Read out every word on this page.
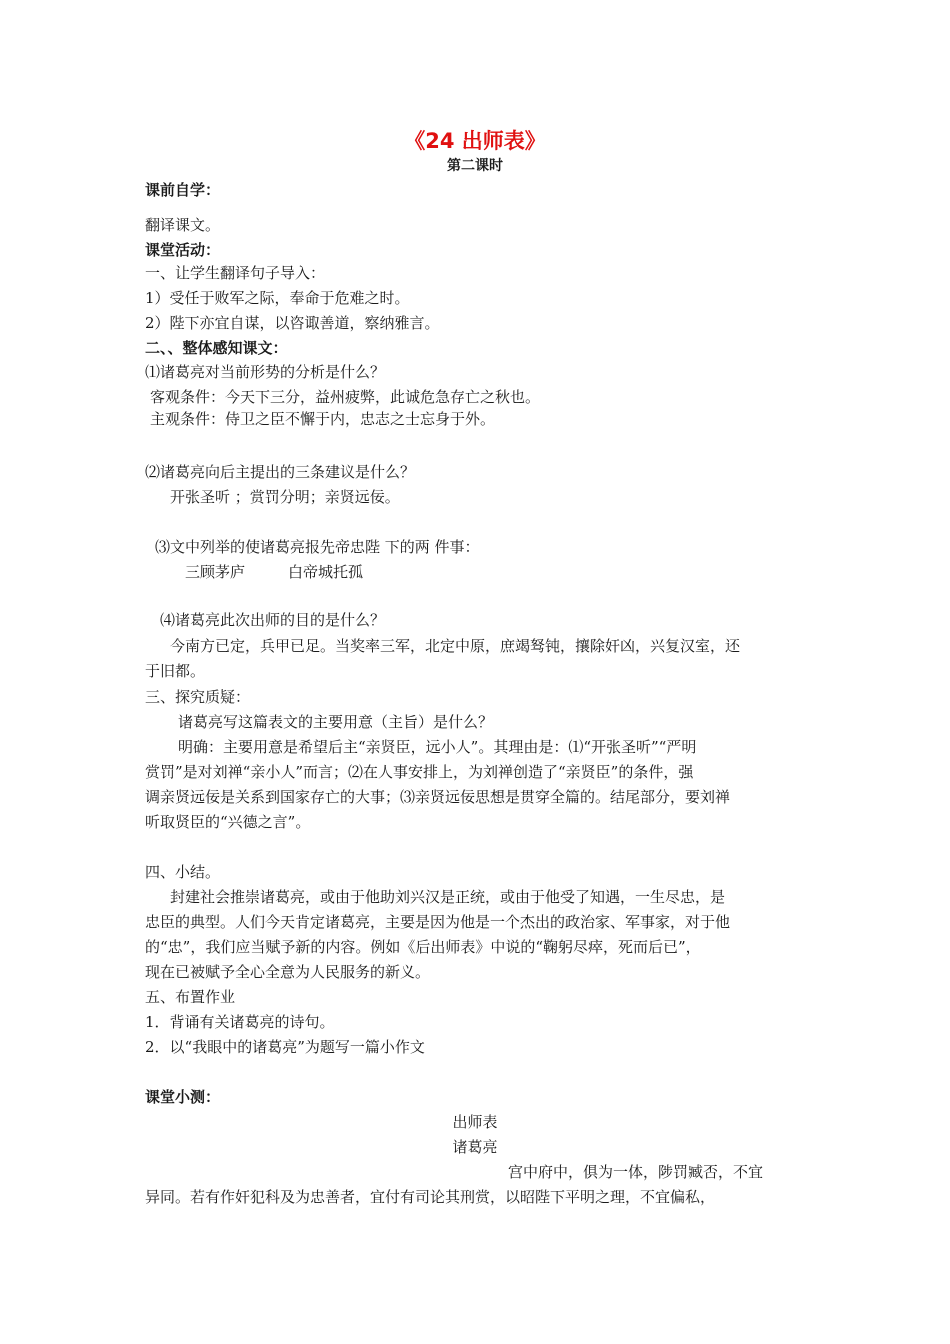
《24 出师表》
第二课时
课前自学：
翻译课文。
课堂活动：
一、让学生翻译句子导入：
1）受任于败军之际，奉命于危难之时。
2）陛下亦宜自谋，以咨诹善道，察纳雅言。
二、、整体感知课文：
⑴诸葛亮对当前形势的分析是什么？
客观条件：今天下三分，益州疲弊，此诚危急存亡之秋也。
主观条件：侍卫之臣不懈于内，忠志之士忘身于外。
⑵诸葛亮向后主提出的三条建议是什么？
开张圣听 ；赏罚分明；亲贤远佞。
⑶文中列举的使诸葛亮报先帝忠陛 下的两 件事：
三顾茅庐	白帝城托孤
⑷诸葛亮此次出师的目的是什么？
今南方已定，兵甲已足。当奖率三军，北定中原，庶竭驽钝，攘除奸凶，兴复汉室，还
于旧都。
三、探究质疑：
诸葛亮写这篇表文的主要用意（主旨）是什么？
明确：主要用意是希望后主“亲贤臣，远小人”。其理由是：⑴“开张圣听”“严明
赏罚”是对刘禅“亲小人”而言；⑵在人事安排上，为刘禅创造了“亲贤臣”的条件，强
调亲贤远佞是关系到国家存亡的大事；⑶亲贤远佞思想是贯穿全篇的。结尾部分，要刘禅
听取贤臣的“兴德之言”。
四、小结。
封建社会推崇诸葛亮，或由于他助刘兴汉是正统，或由于他受了知遇，一生尽忠，是
忠臣的典型。人们今天肯定诸葛亮，主要是因为他是一个杰出的政治家、军事家，对于他
的“忠”，我们应当赋予新的内容。例如《后出师表》中说的“鞠躬尽瘁，死而后已”，
现在已被赋予全心全意为人民服务的新义。
五、布置作业
1．背诵有关诸葛亮的诗句。
2．以“我眼中的诸葛亮”为题写一篇小作文
课堂小测：
出师表
诸葛亮
宫中府中，俱为一体，陟罚臧否，不宜
异同。若有作奸犯科及为忠善者，宜付有司论其刑赏，以昭陛下平明之理，不宜偏私，
